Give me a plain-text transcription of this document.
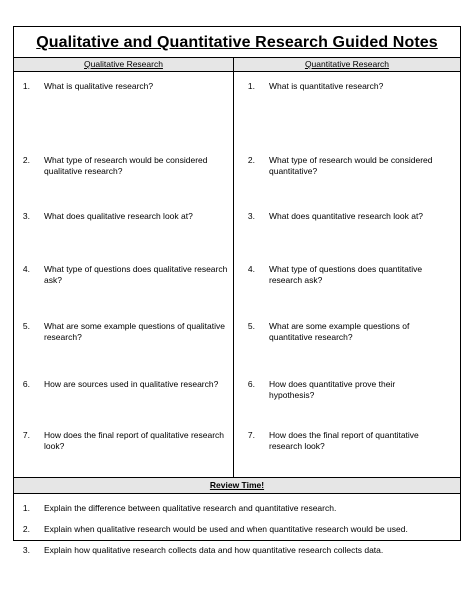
Qualitative and Quantitative Research Guided Notes
Qualitative Research	Quantitative Research
1. What is qualitative research?
2. What type of research would be considered qualitative research?
3. What does qualitative research look at?
4. What type of questions does qualitative research ask?
5. What are some example questions of qualitative research?
6. How are sources used in qualitative research?
7. How does the final report of qualitative research look?
1. What is quantitative research?
2. What type of research would be considered quantitative?
3. What does quantitative research look at?
4. What type of questions does quantitative research ask?
5. What are some example questions of quantitative research?
6. How does quantitative prove their hypothesis?
7. How does the final report of quantitative research look?
Review Time!
1. Explain the difference between qualitative research and quantitative research.
2. Explain when qualitative research would be used and when quantitative research would be used.
3. Explain how qualitative research collects data and how quantitative research collects data.
